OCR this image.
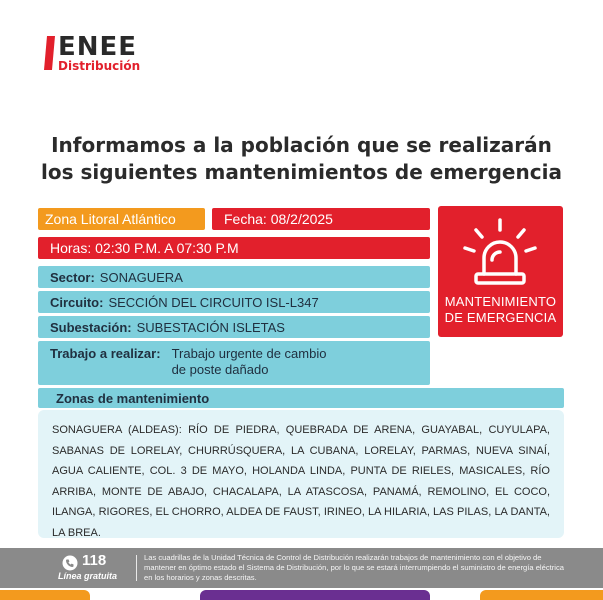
ENEE
Distribución
Informamos a la población que se realizarán
los siguientes mantenimientos de emergencia
Zona Litoral Atlántico	Fecha: 08/2/2025
Horas: 02:30 P.M. A 07:30 P.M
Sector: SONAGUERA
Circuito: SECCIÓN DEL CIRCUITO ISL-L347
Subestación: SUBESTACIÓN ISLETAS
Trabajo a realizar: Trabajo urgente de cambio de poste dañado
MANTENIMIENTO
DE EMERGENCIA
Zonas de mantenimiento
SONAGUERA (ALDEAS): RÍO DE PIEDRA, QUEBRADA DE ARENA, GUAYABAL, CUYULAPA, SABANAS DE LORELAY, CHURRÚSQUERA, LA CUBANA, LORELAY, PARMAS, NUEVA SINAÍ, AGUA CALIENTE, COL. 3 DE MAYO, HOLANDA LINDA, PUNTA DE RIELES, MASICALES, RÍO ARRIBA, MONTE DE ABAJO, CHACALAPA, LA ATASCOSA, PANAMÁ, REMOLINO, EL COCO, ILANGA, RIGORES, EL CHORRO, ALDEA DE FAUST, IRINEO, LA HILARIA, LAS PILAS, LA DANTA, LA BREA.
118
Línea gratuita
Las cuadrillas de la Unidad Técnica de Control de Distribución realizarán trabajos de mantenimiento con el objetivo de mantener en óptimo estado el Sistema de Distribución, por lo que se estará interrumpiendo el suministro de energía eléctrica en los horarios y zonas descritas.
